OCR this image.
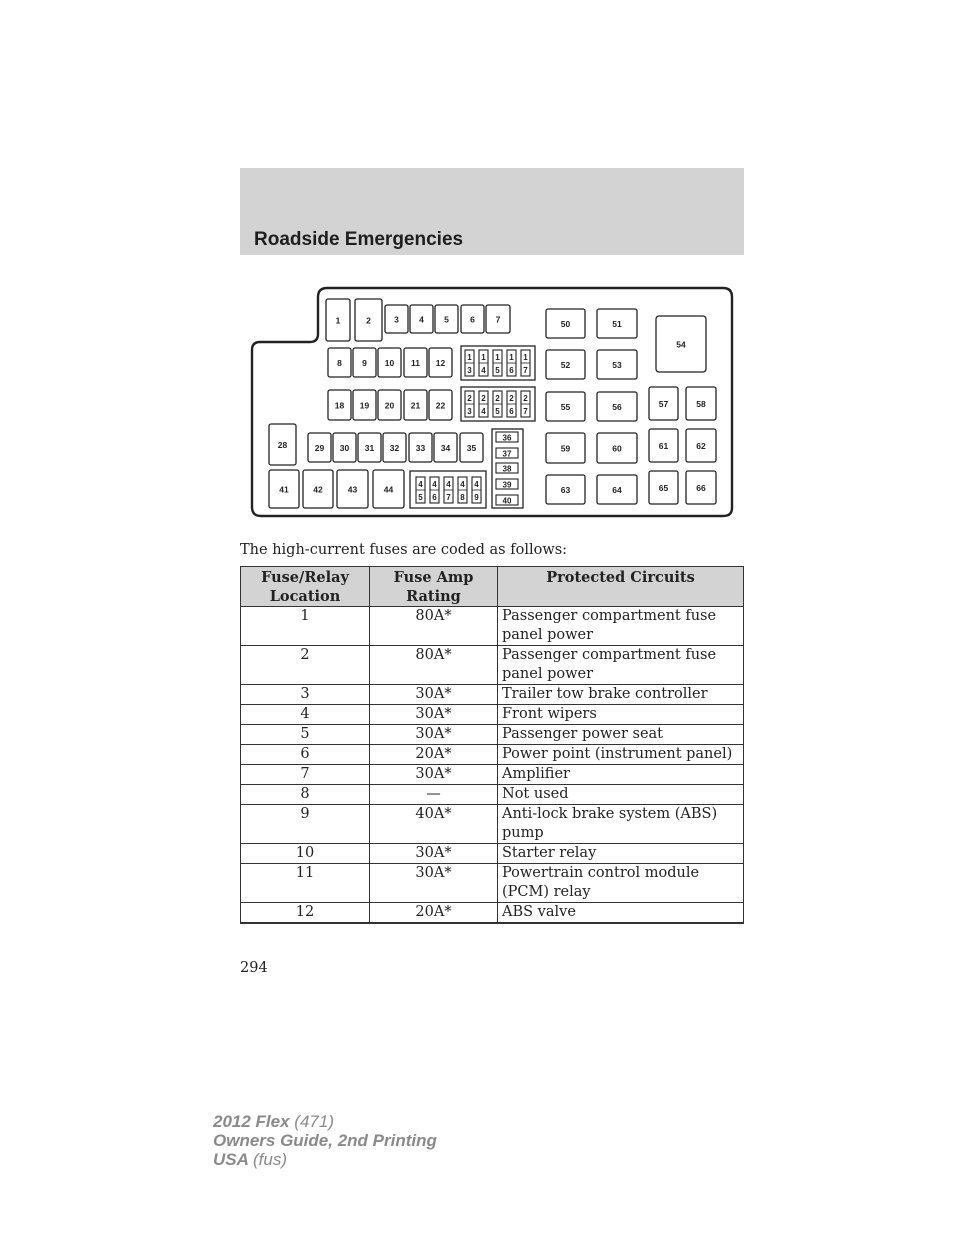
Roadside Emergencies
1	2	3 4 5	6 7
8 9 10 11 12
18 19 20 21 22
1
3
1
4
1
5
1
6
1
7
2
3
2
4
2
5
2
6
2
7
28	29 30 31 32 33 34 35
36
37
38
39
40
41	42	43	44	4
5
4
6
4
7
4
8
4
9
50	51
52	53
54
55	56	57	58
59	60	61	62
63	64	65	66
The high-current fuses are coded as follows:
Fuse/Relay Location	Fuse Amp Rating	Protected Circuits
1	80A*	Passenger compartment fuse panel power
2	80A*	Passenger compartment fuse panel power
3	30A*	Trailer tow brake controller
4	30A*	Front wipers
5	30A*	Passenger power seat
6	20A*	Power point (instrument panel)
7	30A*	Amplifier
8	—	Not used
9	40A*	Anti-lock brake system (ABS) pump
10	30A*	Starter relay
11	30A*	Powertrain control module (PCM) relay
12	20A*	ABS valve
294
2012 Flex (471)
Owners Guide, 2nd Printing
USA (fus)
